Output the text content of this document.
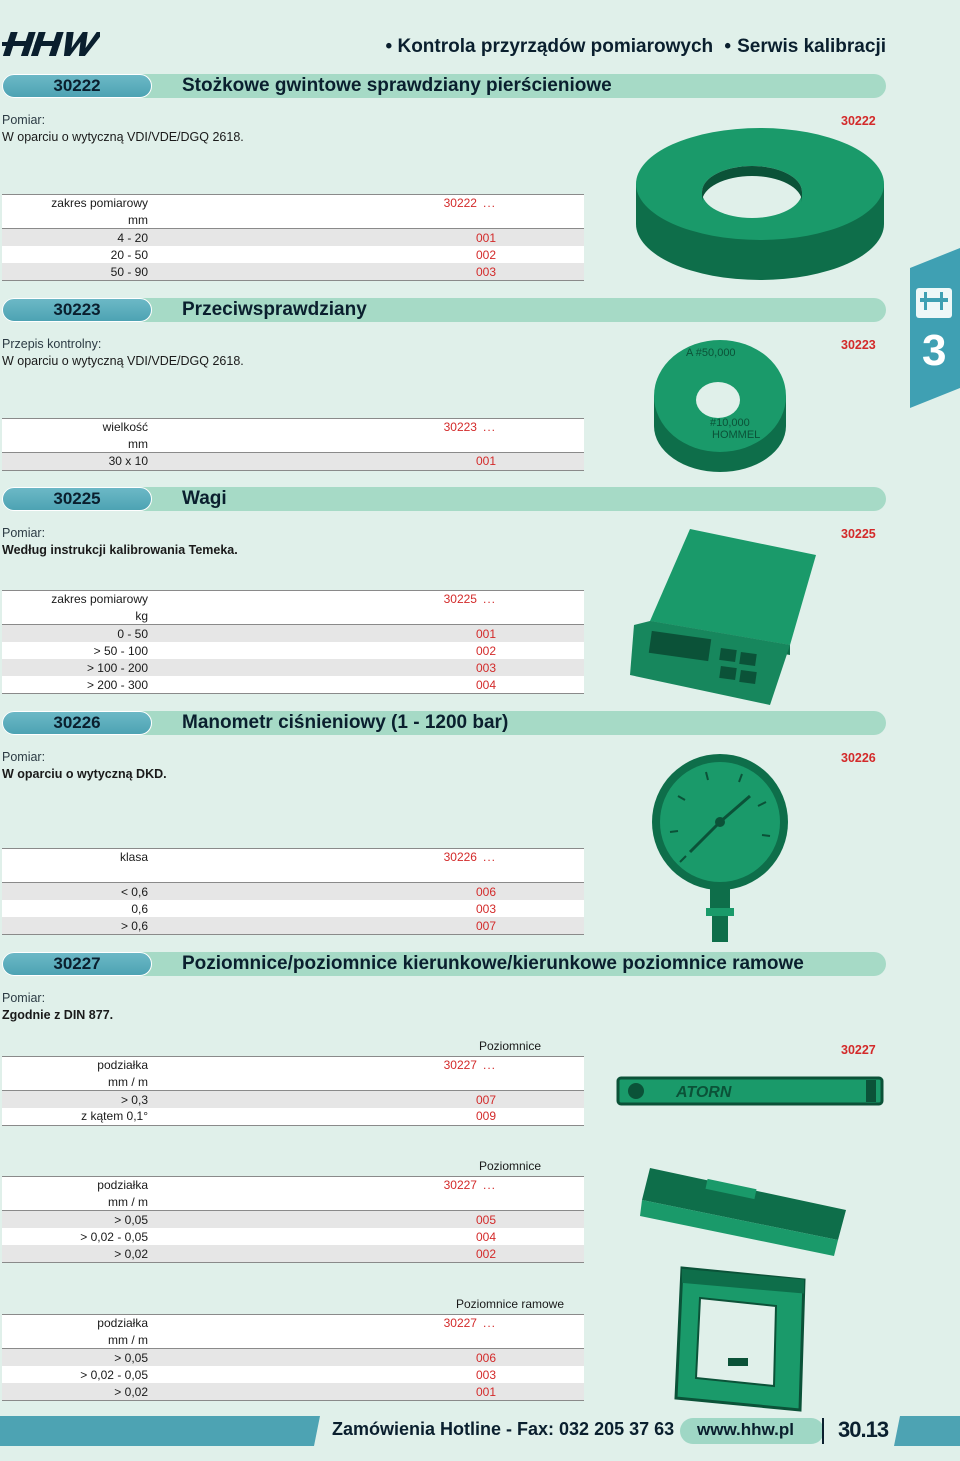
• Kontrola przyrządów pomiarowych • Serwis kalibracji
3
30222	Stożkowe gwintowe sprawdziany pierścieniowe
Pomiar:
W oparciu o wytyczną VDI/VDE/DGQ 2618.
30222
zakres pomiarowy	30222 ...	
mm		
4 - 20	001	
20 - 50	002	
50 - 90	003	
30223	Przeciwsprawdziany
Przepis kontrolny:
W oparciu o wytyczną VDI/VDE/DGQ 2618.
30223
A #50,000
#10,000
HOMMEL
wielkość	30223 ...	
mm		
30 x 10	001	
30225	Wagi
Pomiar:
Według instrukcji kalibrowania Temeka.
30225
zakres pomiarowy	30225 ...	
kg		
0 - 50	001	
> 50 - 100	002	
> 100 - 200	003	
> 200 - 300	004	
30226	Manometr ciśnieniowy (1 - 1200 bar)
Pomiar:
W oparciu o wytyczną DKD.
30226
klasa	30226 ...	

< 0,6	006	
0,6	003	
> 0,6	007	
30227	Poziomnice/poziomnice kierunkowe/kierunkowe poziomnice ramowe
Pomiar:
Zgodnie z DIN 877.
30227
Poziomnice
ATORN
podziałka	30227 ...	
mm / m		
> 0,3	007	
z kątem 0,1°	009	
Poziomnice
podziałka	30227 ...	
mm / m		
> 0,05	005	
> 0,02 - 0,05	004	
> 0,02	002	
Poziomnice ramowe
podziałka	30227 ...	
mm / m		
> 0,05	006	
> 0,02 - 0,05	003	
> 0,02	001	
Zamówienia Hotline - Fax: 032 205 37 63 www.hhw.pl 30.13
